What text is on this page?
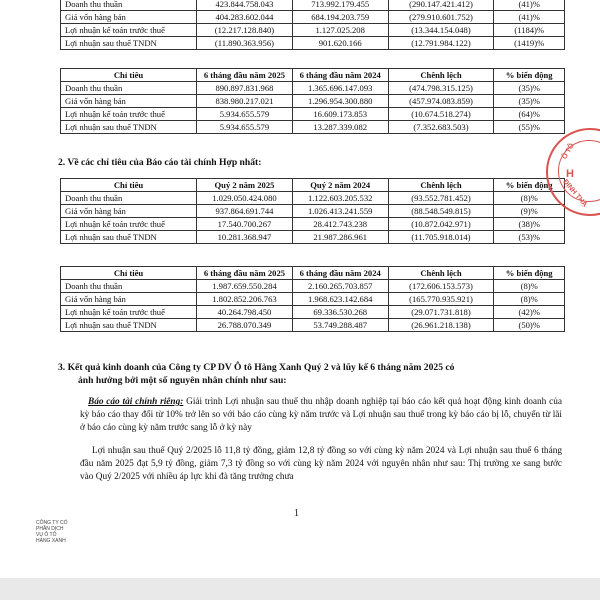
Doanh thu thuần	423.844.758.043	713.992.179.455	(290.147.421.412)	(41)%
Giá vốn hàng bán	404.283.602.044	684.194.203.759	(279.910.601.752)	(41)%
Lợi nhuận kế toán trước thuế	(12.217.128.840)	1.127.025.208	(13.344.154.048)	(1184)%
Lợi nhuận sau thuế TNDN	(11.890.363.956)	901.620.166	(12.791.984.122)	(1419)%
Chỉ tiêu	6 tháng đầu năm 2025	6 tháng đầu năm 2024	Chênh lệch	% biến động
Doanh thu thuần	890.897.831.968	1.365.696.147.093	(474.798.315.125)	(35)%
Giá vốn hàng bán	838.980.217.021	1.296.954.300.880	(457.974.083.859)	(35)%
Lợi nhuận kế toán trước thuế	5.934.655.579	16.609.173.853	(10.674.518.274)	(64)%
Lợi nhuận sau thuế TNDN	5.934.655.579	13.287.339.082	(7.352.683.503)	(55)%
2. Về các chỉ tiêu của Báo cáo tài chính Hợp nhất:
Chỉ tiêu	Quý 2 năm 2025	Quý 2 năm 2024	Chênh lệch	% biến động
Doanh thu thuần	1.029.050.424.080	1.122.603.205.532	(93.552.781.452)	(8)%
Giá vốn hàng bán	937.864.691.744	1.026.413.241.559	(88.548.549.815)	(9)%
Lợi nhuận kế toán trước thuế	17.540.700.267	28.412.743.238	(10.872.042.971)	(38)%
Lợi nhuận sau thuế TNDN	10.281.368.947	21.987.286.961	(11.705.918.014)	(53)%
Chỉ tiêu	6 tháng đầu năm 2025	6 tháng đầu năm 2024	Chênh lệch	% biến động
Doanh thu thuần	1.987.659.550.284	2.160.265.703.857	(172.606.153.573)	(8)%
Giá vốn hàng bán	1.802.852.206.763	1.968.623.142.684	(165.770.935.921)	(8)%
Lợi nhuận kế toán trước thuế	40.264.798.450	69.336.530.268	(29.071.731.818)	(42)%
Lợi nhuận sau thuế TNDN	26.788.070.349	53.749.288.487	(26.961.218.138)	(50)%
3. Kết quả kinh doanh của Công ty CP DV Ô tô Hàng Xanh Quý 2 và lũy kế 6 tháng năm 2025 có
ảnh hưởng bởi một số nguyên nhân chính như sau:
Báo cáo tài chính riêng: Giải trình Lợi nhuận sau thuế thu nhập doanh nghiệp tại báo cáo kết quả hoạt động kinh doanh của kỳ báo cáo thay đổi từ 10% trở lên so với báo cáo cùng kỳ năm trước và Lợi nhuận sau thuế trong kỳ báo cáo bị lỗ, chuyển từ lãi ở báo cáo cùng kỳ năm trước sang lỗ ở kỳ này
Lợi nhuận sau thuế Quý 2/2025 lỗ 11,8 tỷ đồng, giảm 12,8 tỷ đồng so với cùng kỳ năm 2024 và Lợi nhuận sau thuế 6 tháng đầu năm 2025 đạt 5,9 tỷ đồng, giảm 7,3 tỷ đồng so với cùng kỳ năm 2024 với nguyên nhân như sau: Thị trường xe sang bước vào Quý 2/2025 với nhiều áp lực khi đà tăng trưởng chưa
1
CÔNG TY CỔ
PHẦN DỊCH
VỤ Ô TÔ
HÀNG XANH
Ô TÔ
H
ĐỊNH THẠ
